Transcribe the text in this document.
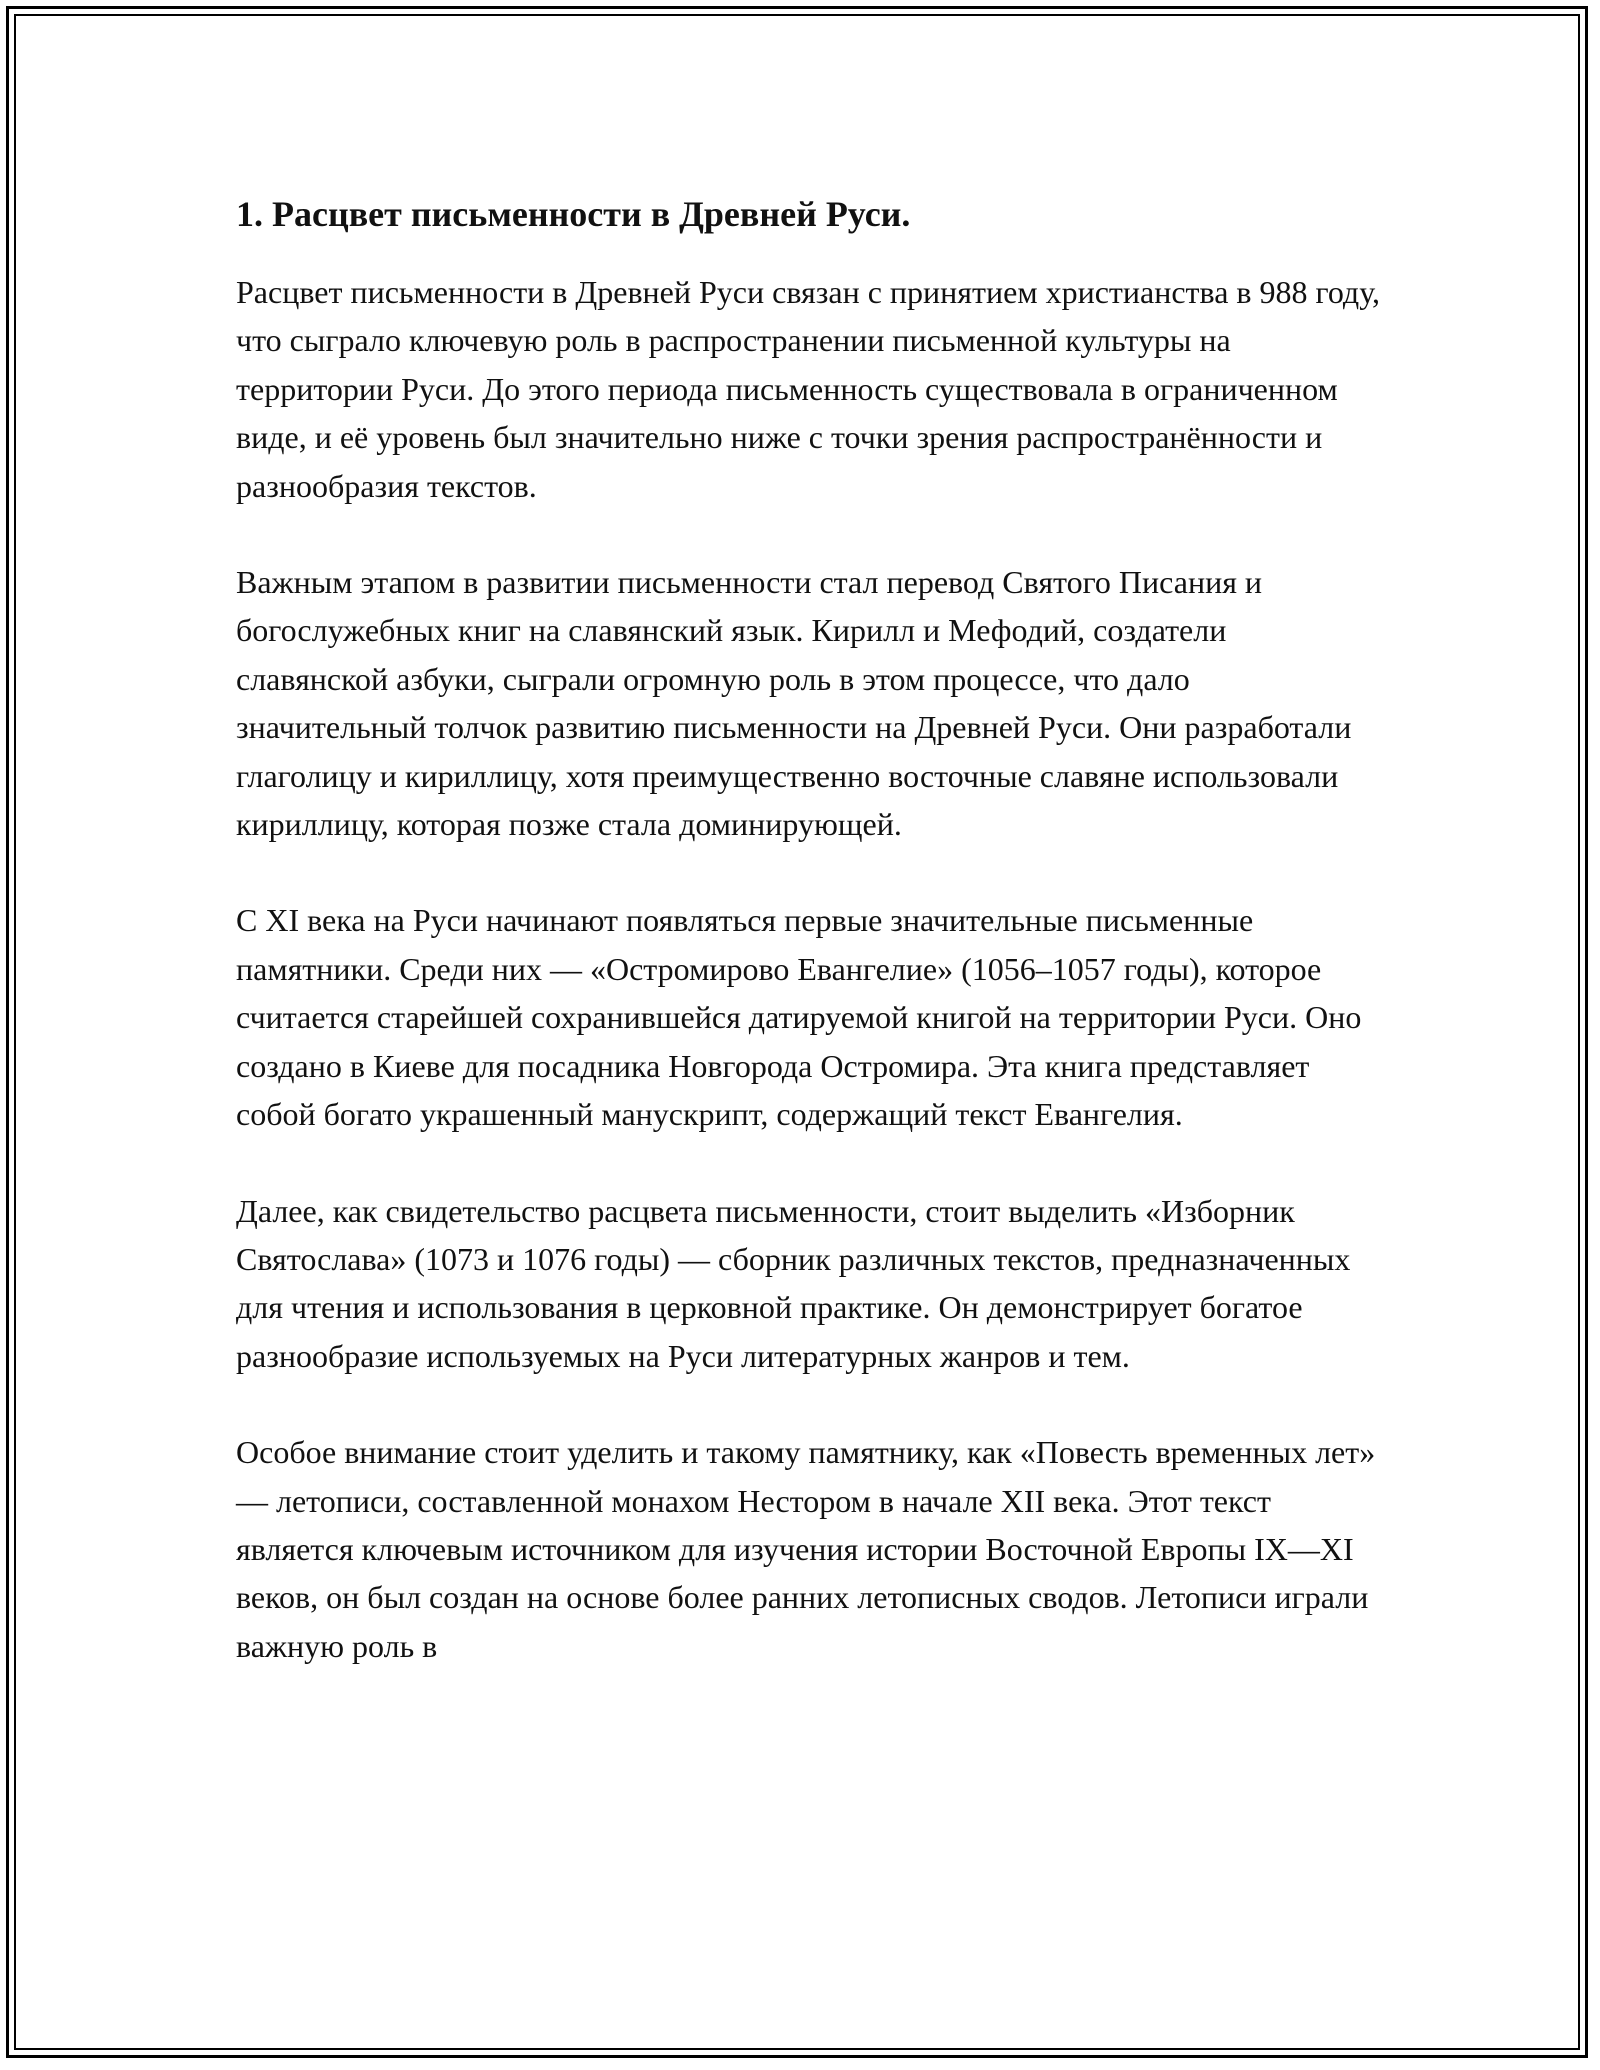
1. Расцвет письменности в Древней Руси.

Расцвет письменности в Древней Руси связан с принятием христианства в 988 году, что сыграло ключевую роль в распространении письменной культуры на территории Руси. До этого периода письменность существовала в ограниченном виде, и её уровень был значительно ниже с точки зрения распространённости и разнообразия текстов.

Важным этапом в развитии письменности стал перевод Святого Писания и богослужебных книг на славянский язык. Кирилл и Мефодий, создатели славянской азбуки, сыграли огромную роль в этом процессе, что дало значительный толчок развитию письменности на Древней Руси. Они разработали глаголицу и кириллицу, хотя преимущественно восточные славяне использовали кириллицу, которая позже стала доминирующей.

С XI века на Руси начинают появляться первые значительные письменные памятники. Среди них — «Остромирово Евангелие» (1056–1057 годы), которое считается старейшей сохранившейся датируемой книгой на территории Руси. Оно создано в Киеве для посадника Новгорода Остромира. Эта книга представляет собой богато украшенный манускрипт, содержащий текст Евангелия.

Далее, как свидетельство расцвета письменности, стоит выделить «Изборник Святослава» (1073 и 1076 годы) — сборник различных текстов, предназначенных для чтения и использования в церковной практике. Он демонстрирует богатое разнообразие используемых на Руси литературных жанров и тем.

Особое внимание стоит уделить и такому памятнику, как «Повесть временных лет» — летописи, составленной монахом Нестором в начале XII века. Этот текст является ключевым источником для изучения истории Восточной Европы IX—XI веков, он был создан на основе более ранних летописных сводов. Летописи играли важную роль в
